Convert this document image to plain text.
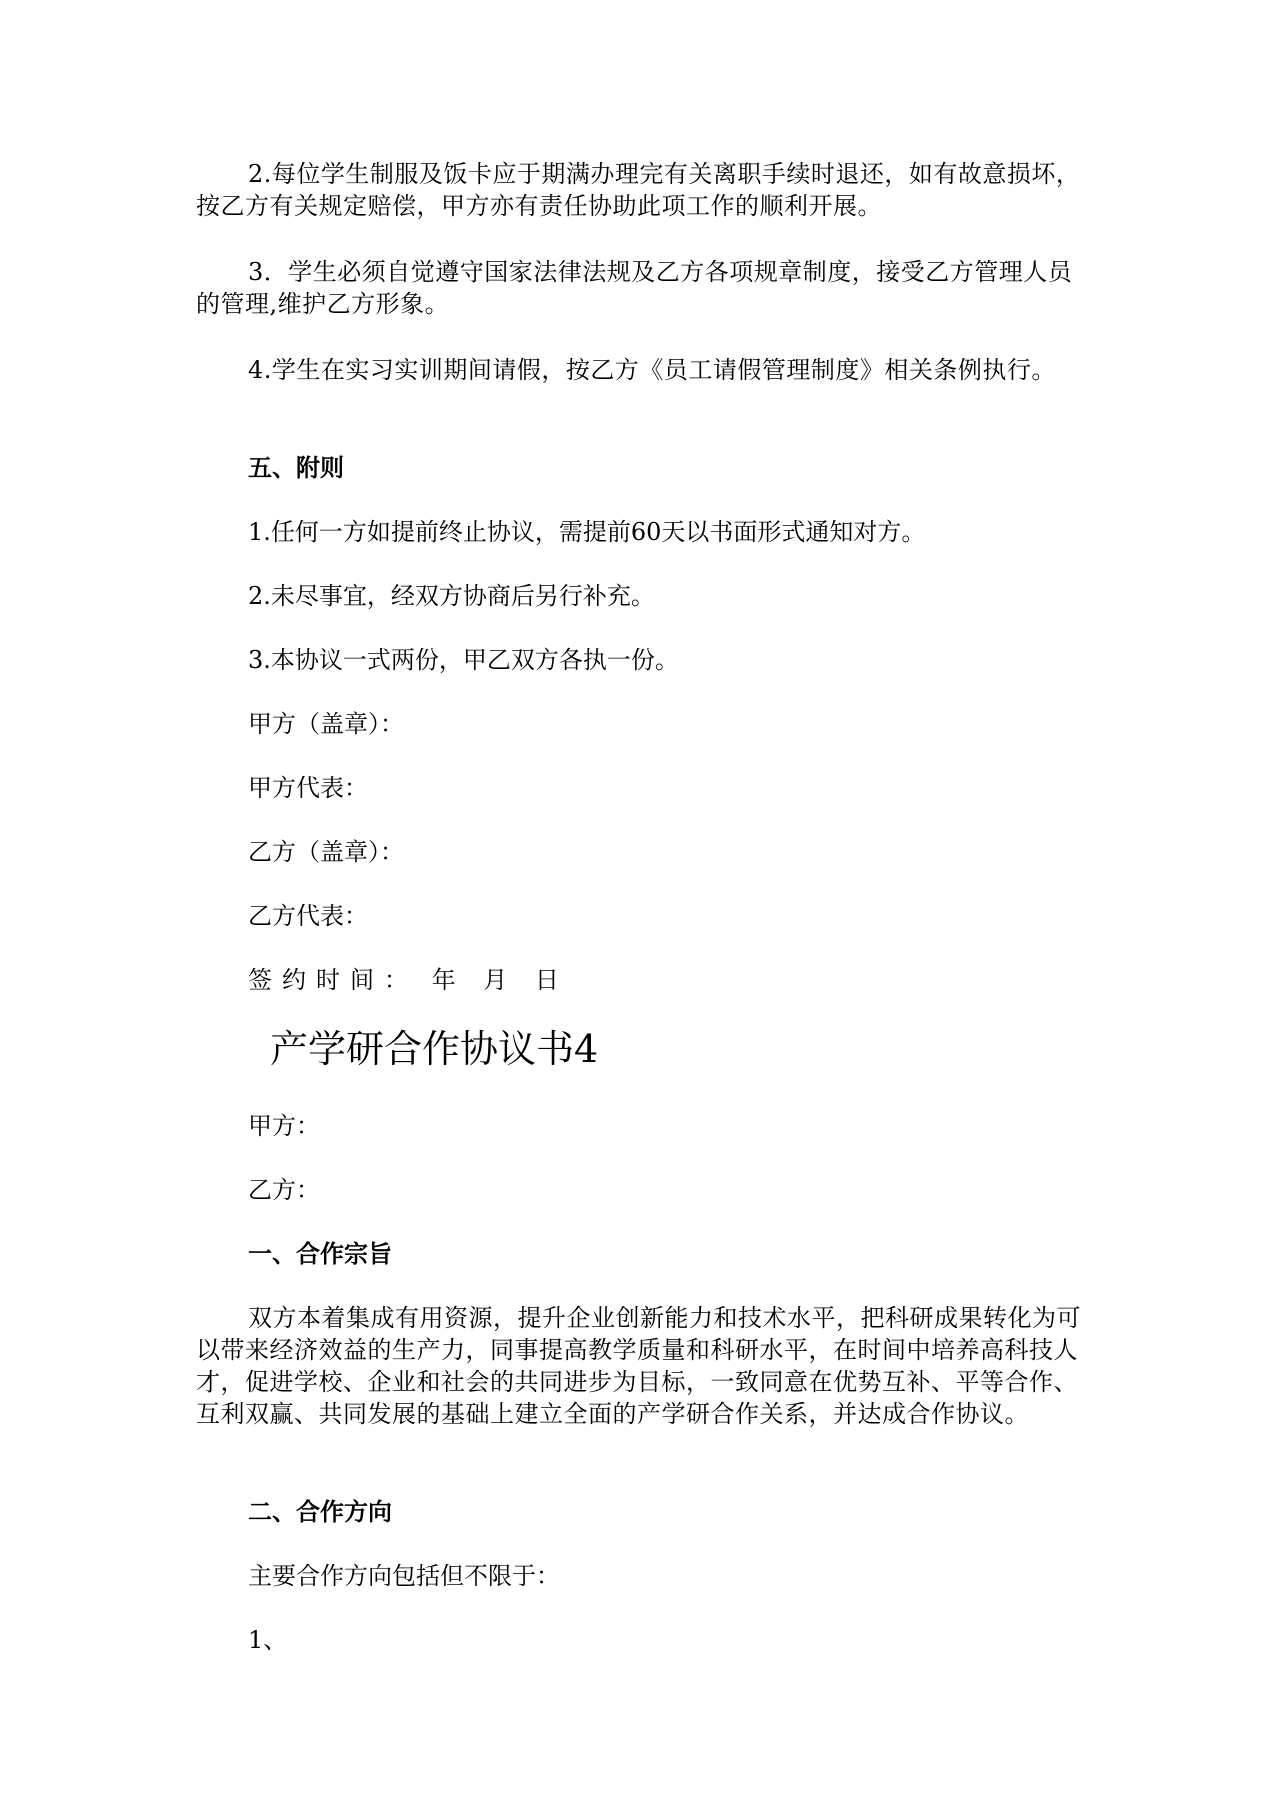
2.每位学生制服及饭卡应于期满办理完有关离职手续时退还，如有故意损坏，按乙方有关规定赔偿，甲方亦有责任协助此项工作的顺利开展。
3．学生必须自觉遵守国家法律法规及乙方各项规章制度，接受乙方管理人员的管理,维护乙方形象。
4.学生在实习实训期间请假，按乙方《员工请假管理制度》相关条例执行。
五、附则
1.任何一方如提前终止协议，需提前60天以书面形式通知对方。
2.未尽事宜，经双方协商后另行补充。
3.本协议一式两份，甲乙双方各执一份。
甲方（盖章）：
甲方代表：
乙方（盖章）：
乙方代表：
签约时间： 年 月 日
产学研合作协议书4
甲方：
乙方：
一、合作宗旨
双方本着集成有用资源，提升企业创新能力和技术水平，把科研成果转化为可以带来经济效益的生产力，同事提高教学质量和科研水平，在时间中培养高科技人才，促进学校、企业和社会的共同进步为目标，一致同意在优势互补、平等合作、互利双赢、共同发展的基础上建立全面的产学研合作关系，并达成合作协议。
二、合作方向
主要合作方向包括但不限于：
1、
